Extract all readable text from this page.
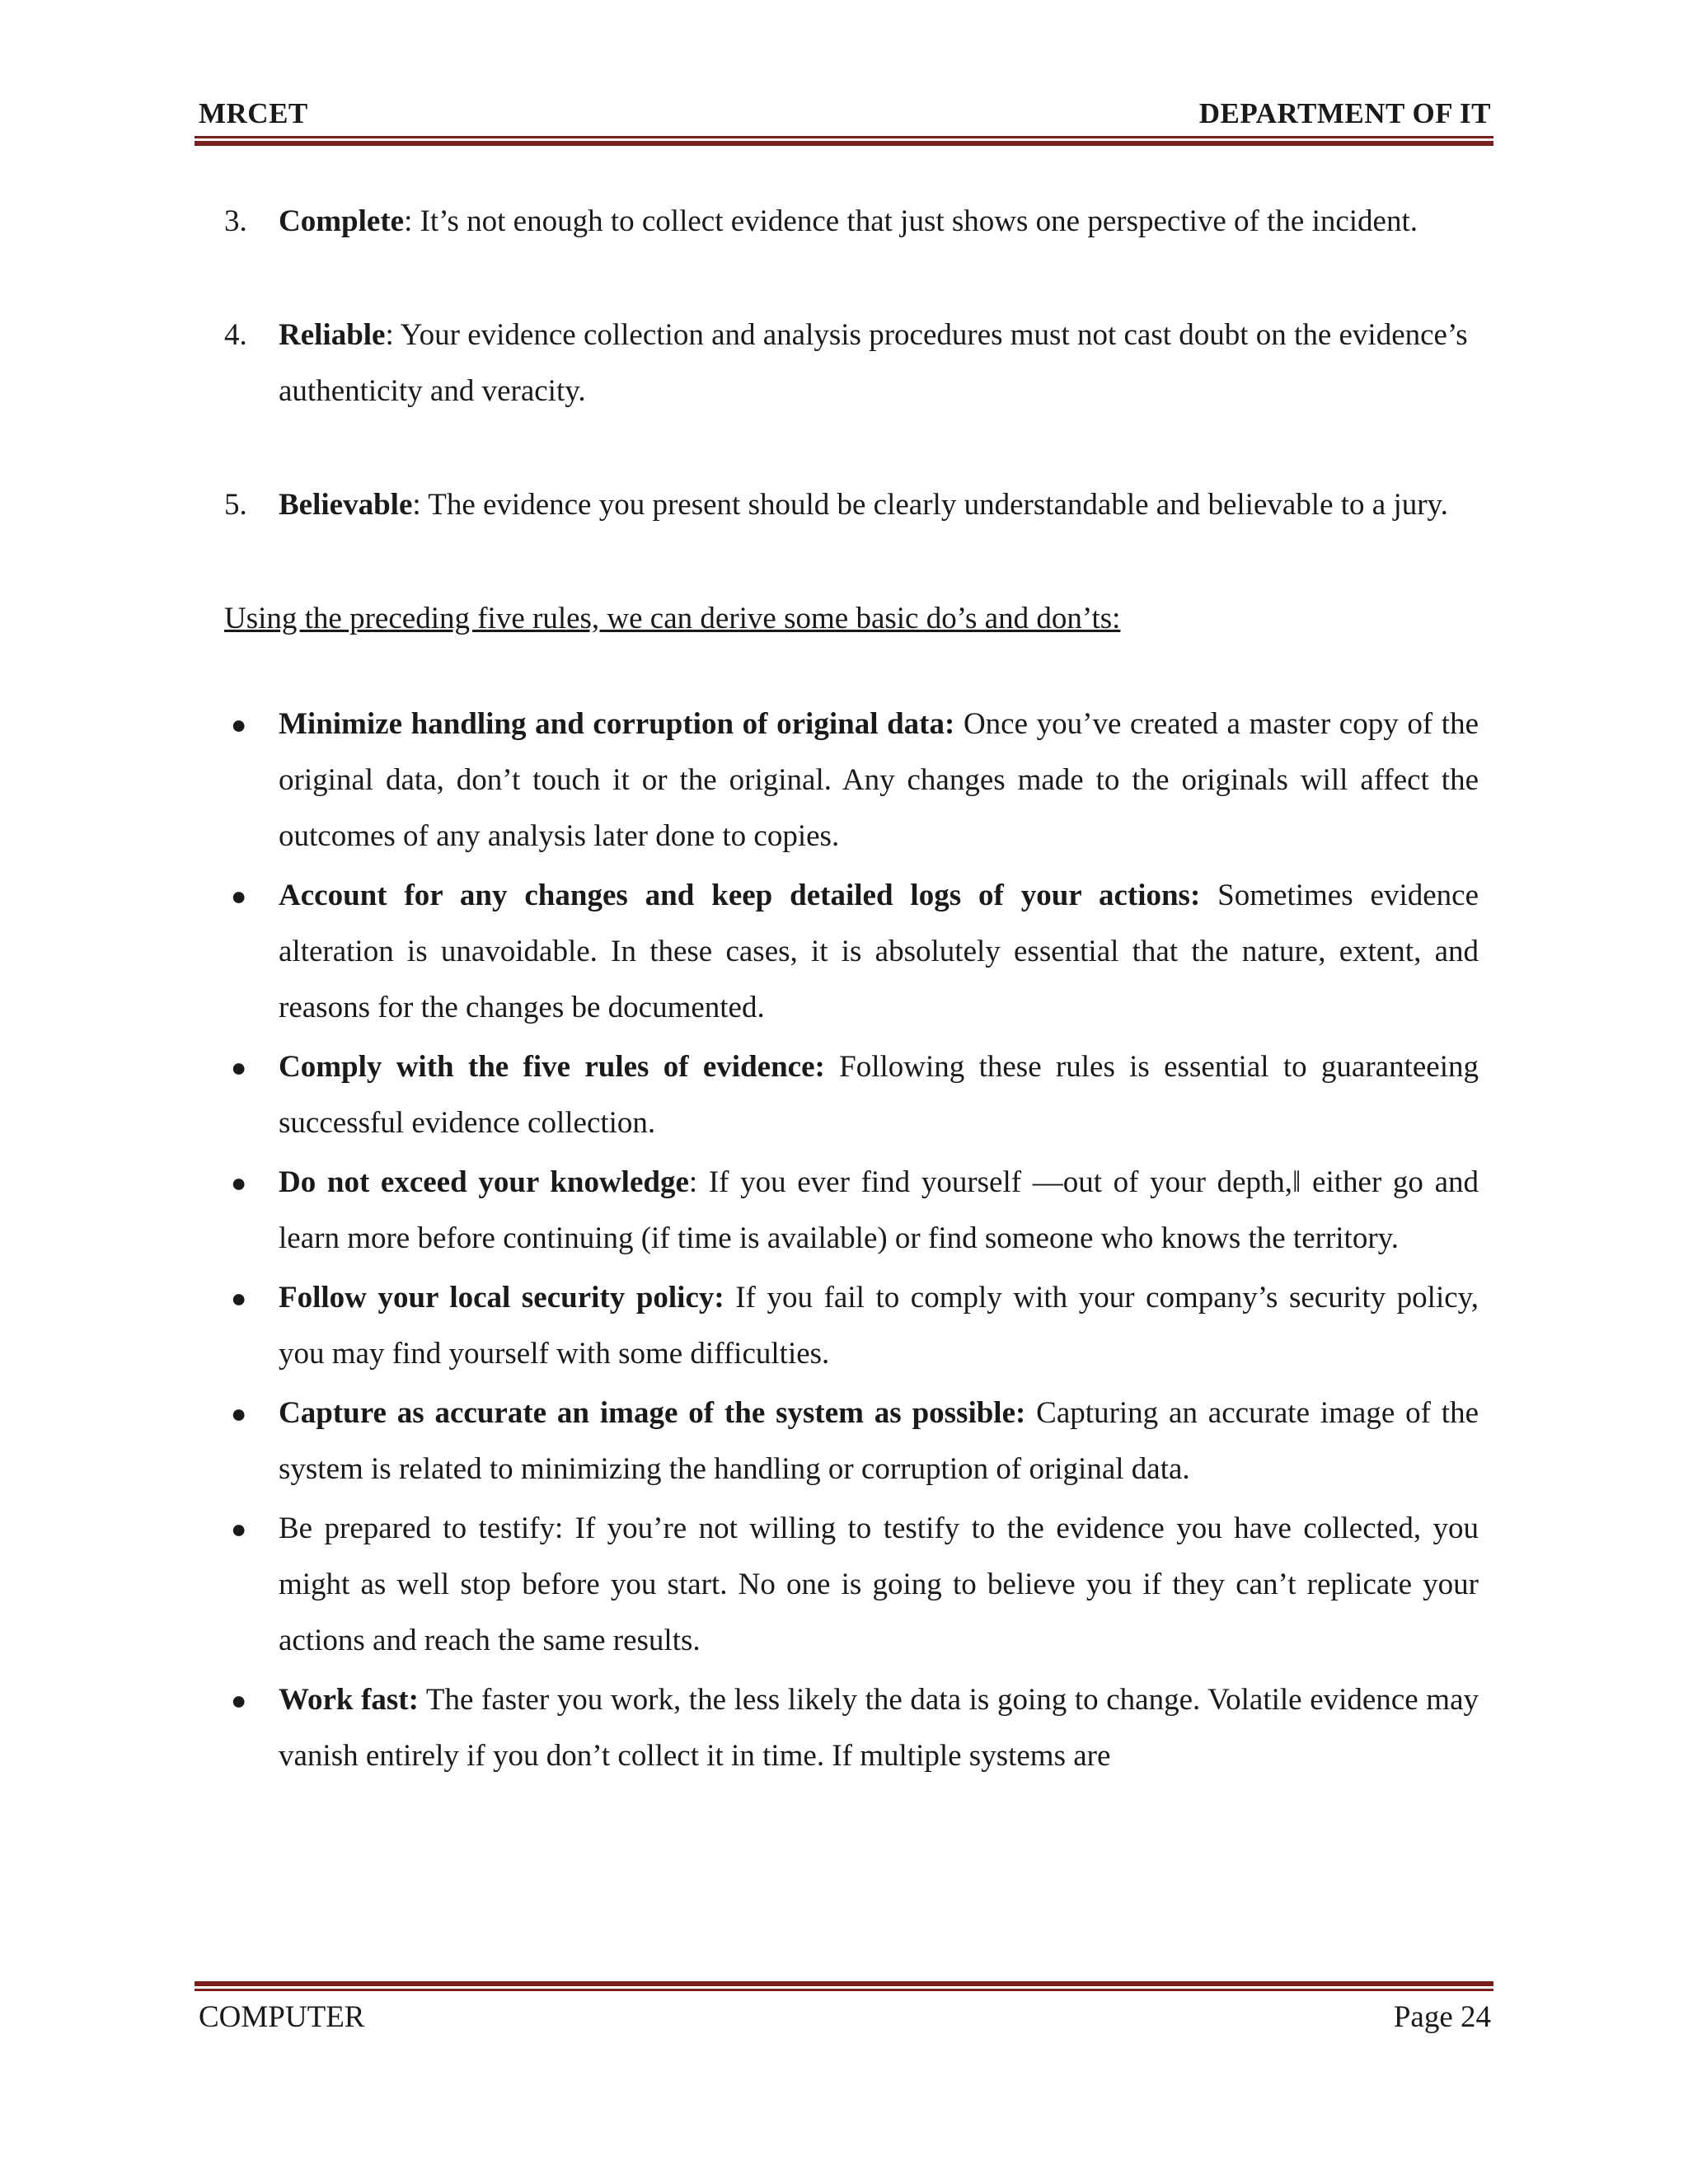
MRCET	DEPARTMENT OF IT
3. Complete: It’s not enough to collect evidence that just shows one perspective of the incident.
4. Reliable: Your evidence collection and analysis procedures must not cast doubt on the evidence’s authenticity and veracity.
5. Believable: The evidence you present should be clearly understandable and believable to a jury.
Using the preceding five rules, we can derive some basic do’s and don’ts:
● Minimize handling and corruption of original data: Once you’ve created a master copy of the original data, don’t touch it or the original. Any changes made to the originals will affect the outcomes of any analysis later done to copies.
● Account for any changes and keep detailed logs of your actions: Sometimes evidence alteration is unavoidable. In these cases, it is absolutely essential that the nature, extent, and reasons for the changes be documented.
● Comply with the five rules of evidence: Following these rules is essential to guaranteeing successful evidence collection.
● Do not exceed your knowledge: If you ever find yourself ―out of your depth,‖ either go and learn more before continuing (if time is available) or find someone who knows the territory.
● Follow your local security policy: If you fail to comply with your company’s security policy, you may find yourself with some difficulties.
● Capture as accurate an image of the system as possible: Capturing an accurate image of the system is related to minimizing the handling or corruption of original data.
● Be prepared to testify: If you’re not willing to testify to the evidence you have collected, you might as well stop before you start. No one is going to believe you if they can’t replicate your actions and reach the same results.
● Work fast: The faster you work, the less likely the data is going to change. Volatile evidence may vanish entirely if you don’t collect it in time. If multiple systems are
COMPUTER	Page 24
